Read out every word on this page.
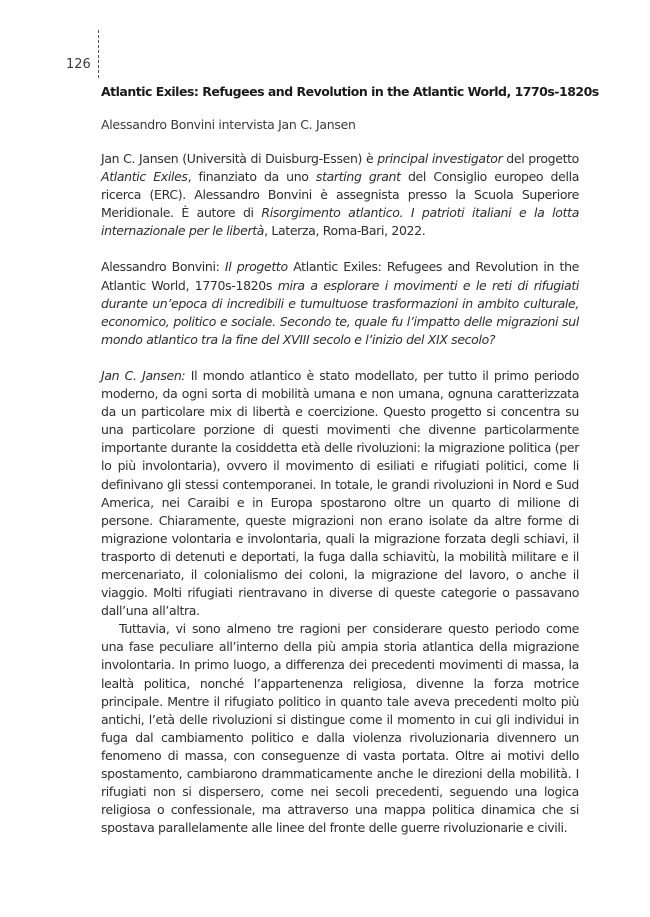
126
Atlantic Exiles: Refugees and Revolution in the Atlantic World, 1770s-1820s
Alessandro Bonvini intervista Jan C. Jansen

Jan C. Jansen (Università di Duisburg-Essen) è principal investigator del progetto Atlantic Exiles, finanziato da uno starting grant del Consiglio europeo della ricerca (ERC). Alessandro Bonvini è assegnista presso la Scuola Superiore Meridionale. È autore di Risorgimento atlantico. I patrioti italiani e la lotta internazionale per le libertà, Laterza, Roma-Bari, 2022.

Alessandro Bonvini: Il progetto Atlantic Exiles: Refugees and Revolution in the Atlantic World, 1770s-1820s mira a esplorare i movimenti e le reti di rifugiati durante un’epoca di incredibili e tumultuose trasformazioni in ambito culturale, economico, politico e sociale. Secondo te, quale fu l’impatto delle migrazioni sul mondo atlantico tra la fine del XVIII secolo e l’inizio del XIX secolo?

Jan C. Jansen: Il mondo atlantico è stato modellato, per tutto il primo periodo moderno, da ogni sorta di mobilità umana e non umana, ognuna caratterizzata da un particolare mix di libertà e coercizione. Questo progetto si concentra su una particolare porzione di questi movimenti che divenne particolarmente importante durante la cosiddetta età delle rivoluzioni: la migrazione politica (per lo più involontaria), ovvero il movimento di esiliati e rifugiati politici, come li definivano gli stessi contemporanei. In totale, le grandi rivoluzioni in Nord e Sud America, nei Caraibi e in Europa spostarono oltre un quarto di milione di persone. Chiaramente, queste migrazioni non erano isolate da altre forme di migrazione volontaria e involontaria, quali la migrazione forzata degli schiavi, il trasporto di detenuti e deportati, la fuga dalla schiavitù, la mobilità militare e il mercenariato, il colonialismo dei coloni, la migrazione del lavoro, o anche il viaggio. Molti rifugiati rientravano in diverse di queste categorie o passavano dall’una all’altra.

Tuttavia, vi sono almeno tre ragioni per considerare questo periodo come una fase peculiare all’interno della più ampia storia atlantica della migrazione involontaria. In primo luogo, a differenza dei precedenti movimenti di massa, la lealtà politica, nonché l’appartenenza religiosa, divenne la forza motrice principale. Mentre il rifugiato politico in quanto tale aveva precedenti molto più antichi, l’età delle rivoluzioni si distingue come il momento in cui gli individui in fuga dal cambiamento politico e dalla violenza rivoluzionaria divennero un fenomeno di massa, con conseguenze di vasta portata. Oltre ai motivi dello spostamento, cambiarono drammaticamente anche le direzioni della mobilità. I rifugiati non si dispersero, come nei secoli precedenti, seguendo una logica religiosa o confessionale, ma attraverso una mappa politica dinamica che si spostava parallelamente alle linee del fronte delle guerre rivoluzionarie e civili.
